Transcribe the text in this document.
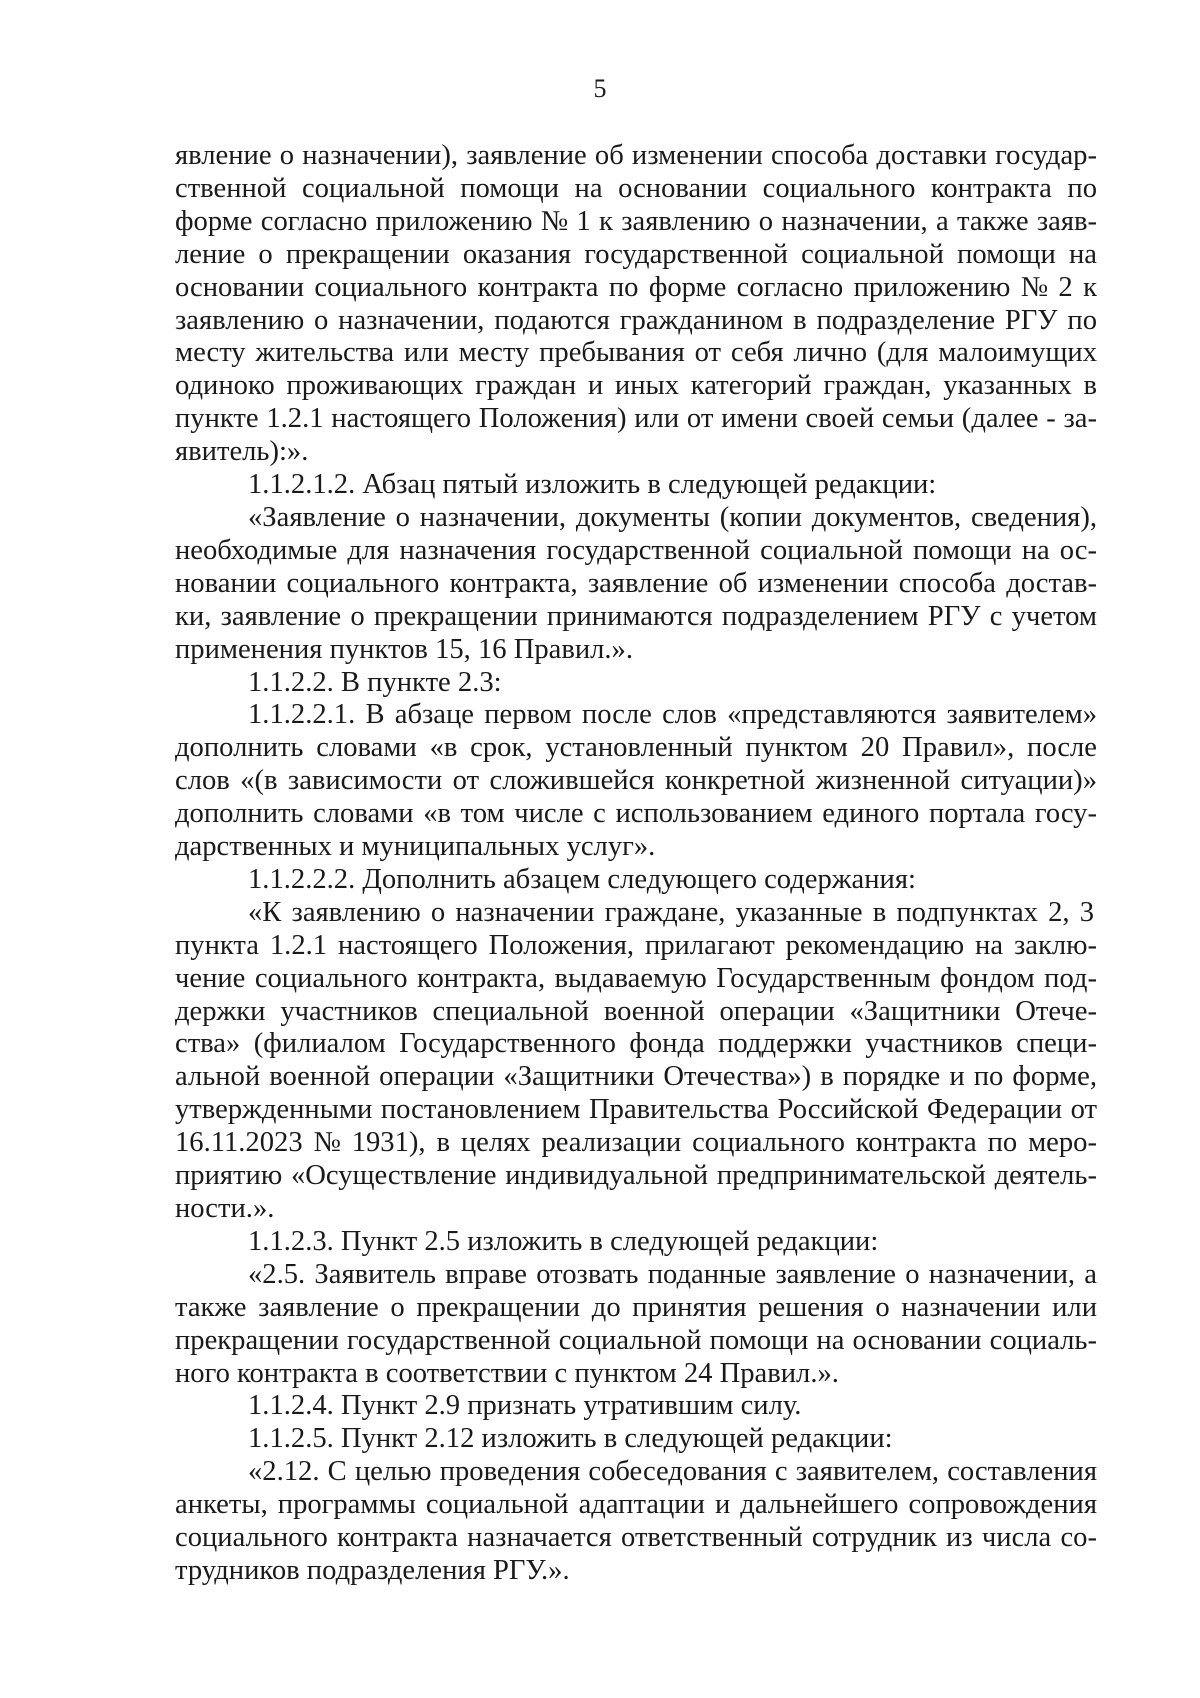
5
явление о назначении), заявление об изменении способа доставки государ-
ственной социальной помощи на основании социального контракта по
форме согласно приложению № 1 к заявлению о назначении, а также заяв-
ление о прекращении оказания государственной социальной помощи на
основании социального контракта по форме согласно приложению № 2 к
заявлению о назначении, подаются гражданином в подразделение РГУ по
месту жительства или месту пребывания от себя лично (для малоимущих
одиноко проживающих граждан и иных категорий граждан, указанных в
пункте 1.2.1 настоящего Положения) или от имени своей семьи (далее - за-
явитель):».
1.1.2.1.2. Абзац пятый изложить в следующей редакции:
«Заявление о назначении, документы (копии документов, сведения),
необходимые для назначения государственной социальной помощи на ос-
новании социального контракта, заявление об изменении способа достав-
ки, заявление о прекращении принимаются подразделением РГУ с учетом
применения пунктов 15, 16 Правил.».
1.1.2.2. В пункте 2.3:
1.1.2.2.1. В абзаце первом после слов «представляются заявителем»
дополнить словами «в срок, установленный пунктом 20 Правил», после
слов «(в зависимости от сложившейся конкретной жизненной ситуации)»
дополнить словами «в том числе с использованием единого портала госу-
дарственных и муниципальных услуг».
1.1.2.2.2. Дополнить абзацем следующего содержания:
«К заявлению о назначении граждане, указанные в подпунктах 2, 3
пункта 1.2.1 настоящего Положения, прилагают рекомендацию на заклю-
чение социального контракта, выдаваемую Государственным фондом под-
держки участников специальной военной операции «Защитники Отече-
ства» (филиалом Государственного фонда поддержки участников специ-
альной военной операции «Защитники Отечества») в порядке и по форме,
утвержденными постановлением Правительства Российской Федерации от
16.11.2023 № 1931), в целях реализации социального контракта по меро-
приятию «Осуществление индивидуальной предпринимательской деятель-
ности.».
1.1.2.3. Пункт 2.5 изложить в следующей редакции:
«2.5. Заявитель вправе отозвать поданные заявление о назначении, а
также заявление о прекращении до принятия решения о назначении или
прекращении государственной социальной помощи на основании социаль-
ного контракта в соответствии с пунктом 24 Правил.».
1.1.2.4. Пункт 2.9 признать утратившим силу.
1.1.2.5. Пункт 2.12 изложить в следующей редакции:
«2.12. С целью проведения собеседования с заявителем, составления
анкеты, программы социальной адаптации и дальнейшего сопровождения
социального контракта назначается ответственный сотрудник из числа со-
трудников подразделения РГУ.».
